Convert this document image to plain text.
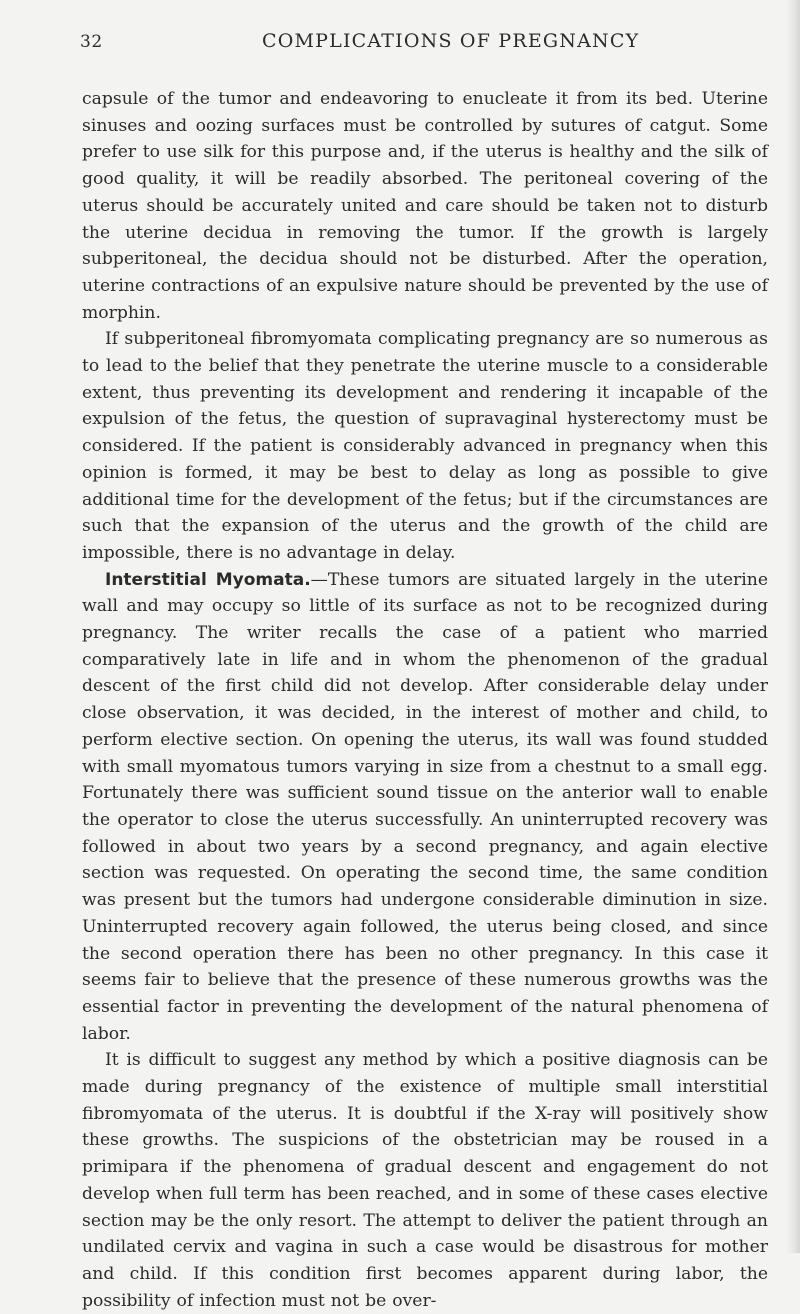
32	COMPLICATIONS OF PREGNANCY

capsule of the tumor and endeavoring to enucleate it from its bed. Uterine sinuses and oozing surfaces must be controlled by sutures of catgut. Some prefer to use silk for this purpose and, if the uterus is healthy and the silk of good quality, it will be readily absorbed. The peritoneal covering of the uterus should be accurately united and care should be taken not to disturb the uterine decidua in removing the tumor. If the growth is largely subperitoneal, the decidua should not be disturbed. After the operation, uterine contractions of an expulsive nature should be prevented by the use of morphin.

If subperitoneal fibromyomata complicating pregnancy are so numerous as to lead to the belief that they penetrate the uterine muscle to a considerable extent, thus preventing its development and rendering it incapable of the expulsion of the fetus, the question of supravaginal hysterectomy must be considered. If the patient is considerably advanced in pregnancy when this opinion is formed, it may be best to delay as long as possible to give additional time for the development of the fetus; but if the circumstances are such that the expansion of the uterus and the growth of the child are impossible, there is no advantage in delay.

Interstitial Myomata.—These tumors are situated largely in the uterine wall and may occupy so little of its surface as not to be recognized during pregnancy. The writer recalls the case of a patient who married comparatively late in life and in whom the phenomenon of the gradual descent of the first child did not develop. After considerable delay under close observation, it was decided, in the interest of mother and child, to perform elective section. On opening the uterus, its wall was found studded with small myomatous tumors varying in size from a chestnut to a small egg. Fortunately there was sufficient sound tissue on the anterior wall to enable the operator to close the uterus successfully. An uninterrupted recovery was followed in about two years by a second pregnancy, and again elective section was requested. On operating the second time, the same condition was present but the tumors had undergone considerable diminution in size. Uninterrupted recovery again followed, the uterus being closed, and since the second operation there has been no other pregnancy. In this case it seems fair to believe that the presence of these numerous growths was the essential factor in preventing the development of the natural phenomena of labor.

It is difficult to suggest any method by which a positive diagnosis can be made during pregnancy of the existence of multiple small interstitial fibromyomata of the uterus. It is doubtful if the X-ray will positively show these growths. The suspicions of the obstetrician may be roused in a primipara if the phenomena of gradual descent and engagement do not develop when full term has been reached, and in some of these cases elective section may be the only resort. The attempt to deliver the patient through an undilated cervix and vagina in such a case would be disastrous for mother and child. If this condition first becomes apparent during labor, the possibility of infection must not be over-
